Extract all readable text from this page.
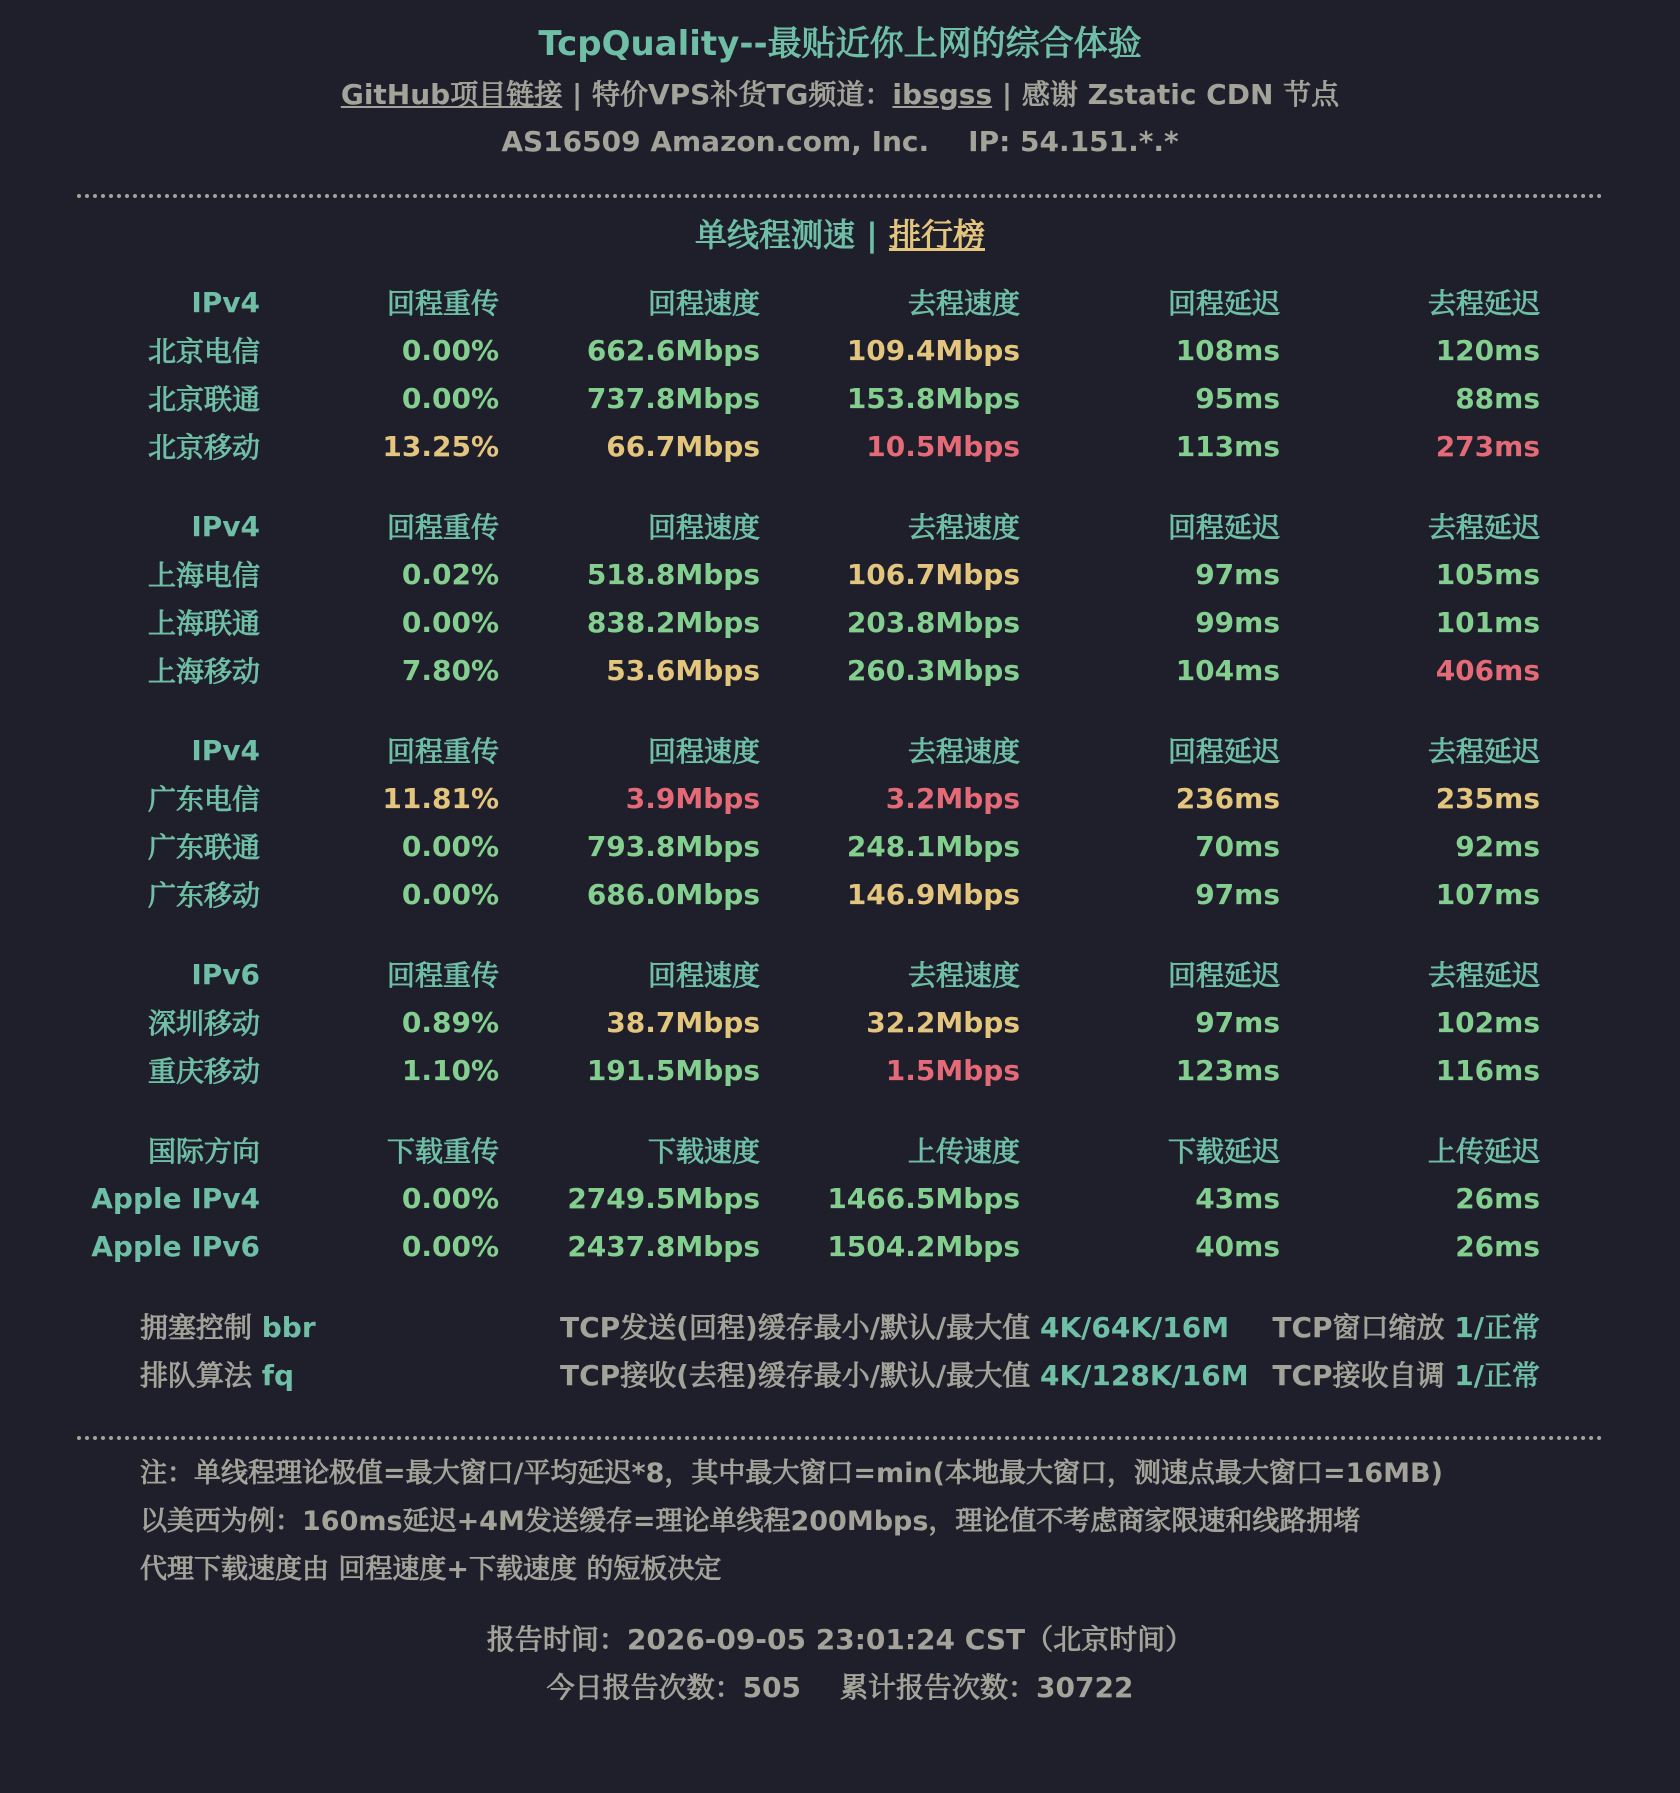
TcpQuality--最贴近你上网的综合体验
GitHub项目链接 | 特价VPS补货TG频道：ibsgss | 感谢 Zstatic CDN 节点
AS16509 Amazon.com, Inc. IP: 54.151.*.*
单线程测速 | 排行榜
IPv4	回程重传	回程速度	去程速度	回程延迟	去程延迟
北京电信	0.00%	662.6Mbps	109.4Mbps	108ms	120ms
北京联通	0.00%	737.8Mbps	153.8Mbps	95ms	88ms
北京移动	13.25%	66.7Mbps	10.5Mbps	113ms	273ms
IPv4	回程重传	回程速度	去程速度	回程延迟	去程延迟
上海电信	0.02%	518.8Mbps	106.7Mbps	97ms	105ms
上海联通	0.00%	838.2Mbps	203.8Mbps	99ms	101ms
上海移动	7.80%	53.6Mbps	260.3Mbps	104ms	406ms
IPv4	回程重传	回程速度	去程速度	回程延迟	去程延迟
广东电信	11.81%	3.9Mbps	3.2Mbps	236ms	235ms
广东联通	0.00%	793.8Mbps	248.1Mbps	70ms	92ms
广东移动	0.00%	686.0Mbps	146.9Mbps	97ms	107ms
IPv6	回程重传	回程速度	去程速度	回程延迟	去程延迟
深圳移动	0.89%	38.7Mbps	32.2Mbps	97ms	102ms
重庆移动	1.10%	191.5Mbps	1.5Mbps	123ms	116ms
国际方向	下载重传	下载速度	上传速度	下载延迟	上传延迟
Apple IPv4	0.00%	2749.5Mbps	1466.5Mbps	43ms	26ms
Apple IPv6	0.00%	2437.8Mbps	1504.2Mbps	40ms	26ms
拥塞控制 bbr	TCP发送(回程)缓存最小/默认/最大值 4K/64K/16M TCP窗口缩放 1/正常
排队算法 fq	TCP接收(去程)缓存最小/默认/最大值 4K/128K/16M TCP接收自调 1/正常
注：单线程理论极值=最大窗口/平均延迟*8，其中最大窗口=min(本地最大窗口，测速点最大窗口=16MB)
以美西为例：160ms延迟+4M发送缓存=理论单线程200Mbps，理论值不考虑商家限速和线路拥堵
代理下载速度由 回程速度+下载速度 的短板决定
报告时间：2026-09-05 23:01:24 CST（北京时间）
今日报告次数：505 累计报告次数：30722
